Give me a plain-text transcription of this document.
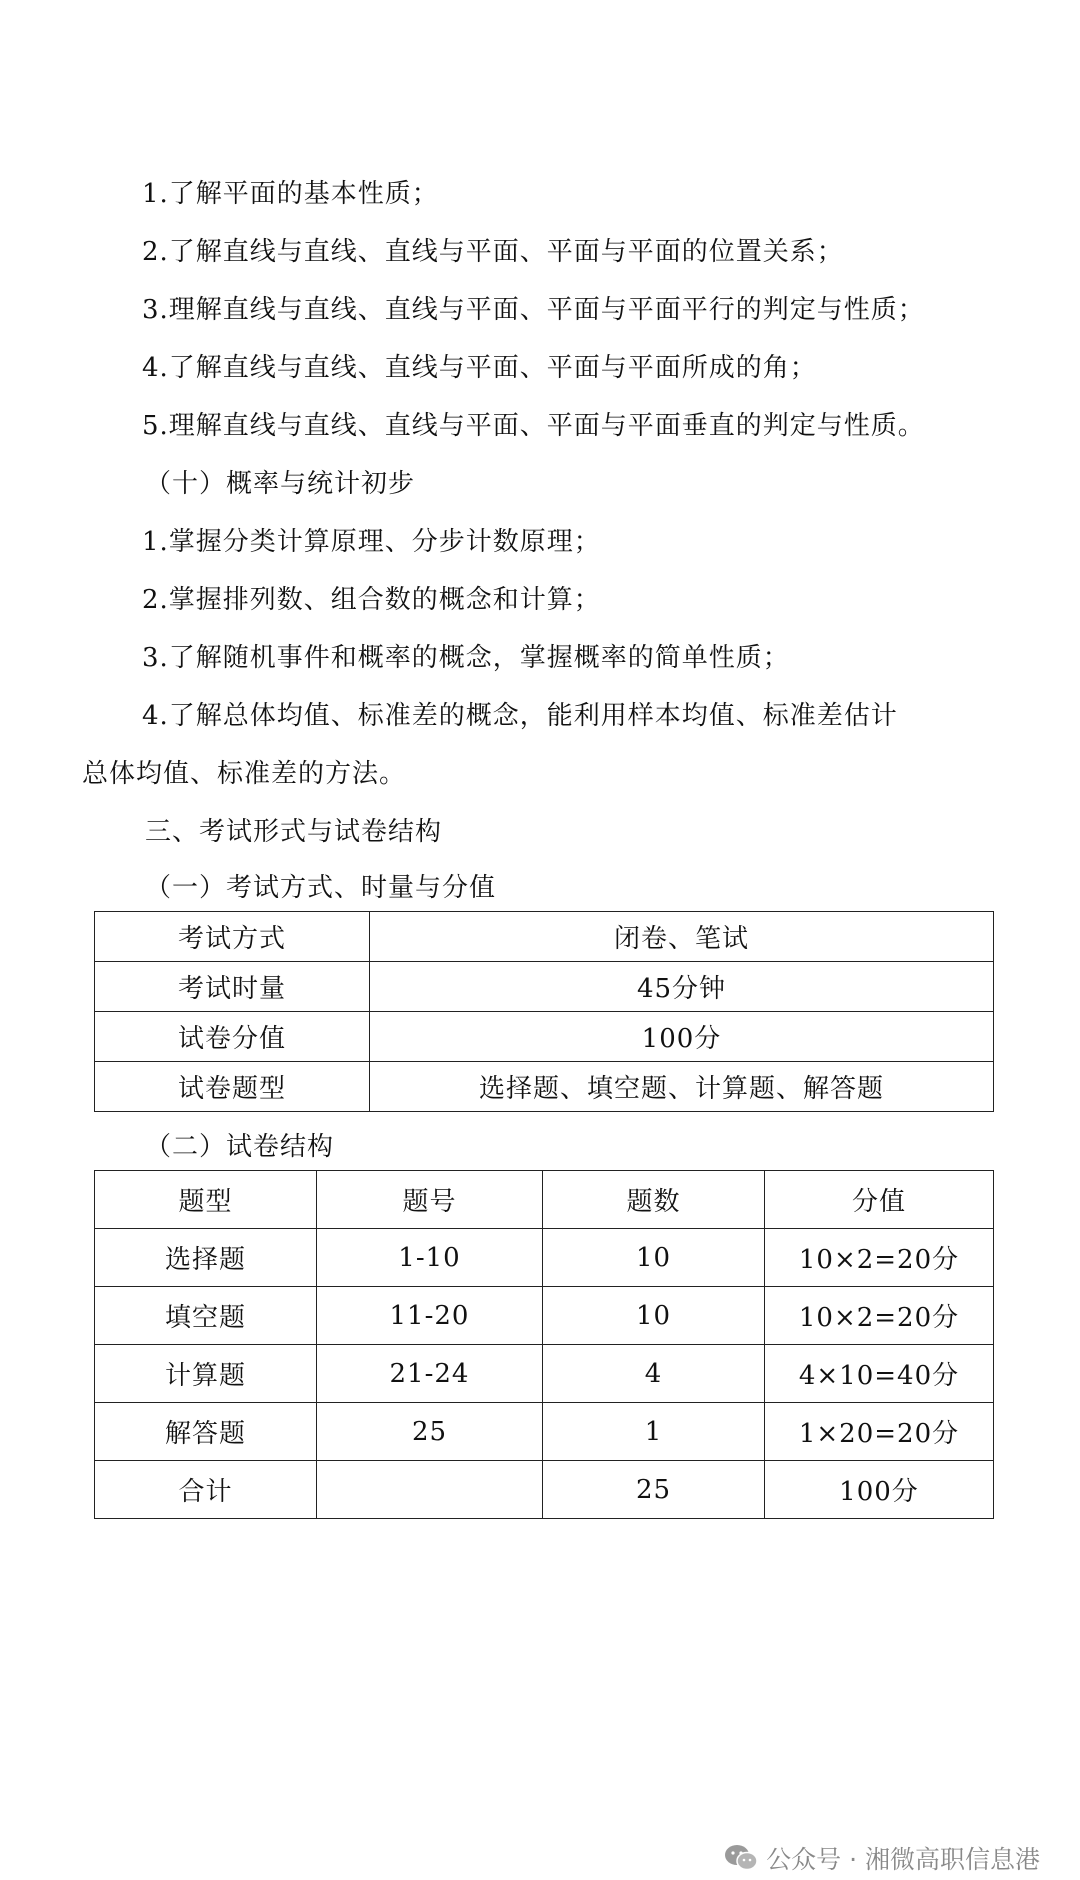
1.了解平面的基本性质；
2.了解直线与直线、直线与平面、平面与平面的位置关系；
3.理解直线与直线、直线与平面、平面与平面平行的判定与性质；
4.了解直线与直线、直线与平面、平面与平面所成的角；
5.理解直线与直线、直线与平面、平面与平面垂直的判定与性质。
（十）概率与统计初步
1.掌握分类计算原理、分步计数原理；
2.掌握排列数、组合数的概念和计算；
3.了解随机事件和概率的概念，掌握概率的简单性质；
4.了解总体均值、标准差的概念，能利用样本均值、标准差估计
总体均值、标准差的方法。
三、考试形式与试卷结构
（一）考试方式、时量与分值
考试方式	闭卷、笔试
考试时量	45分钟
试卷分值	100分
试卷题型	选择题、填空题、计算题、解答题
（二）试卷结构
题型	题号	题数	分值
选择题	1-10	10	10×2=20分
填空题	11-20	10	10×2=20分
计算题	21-24	4	4×10=40分
解答题	25	1	1×20=20分
合计		25	100分
公众号 · 湘微高职信息港
